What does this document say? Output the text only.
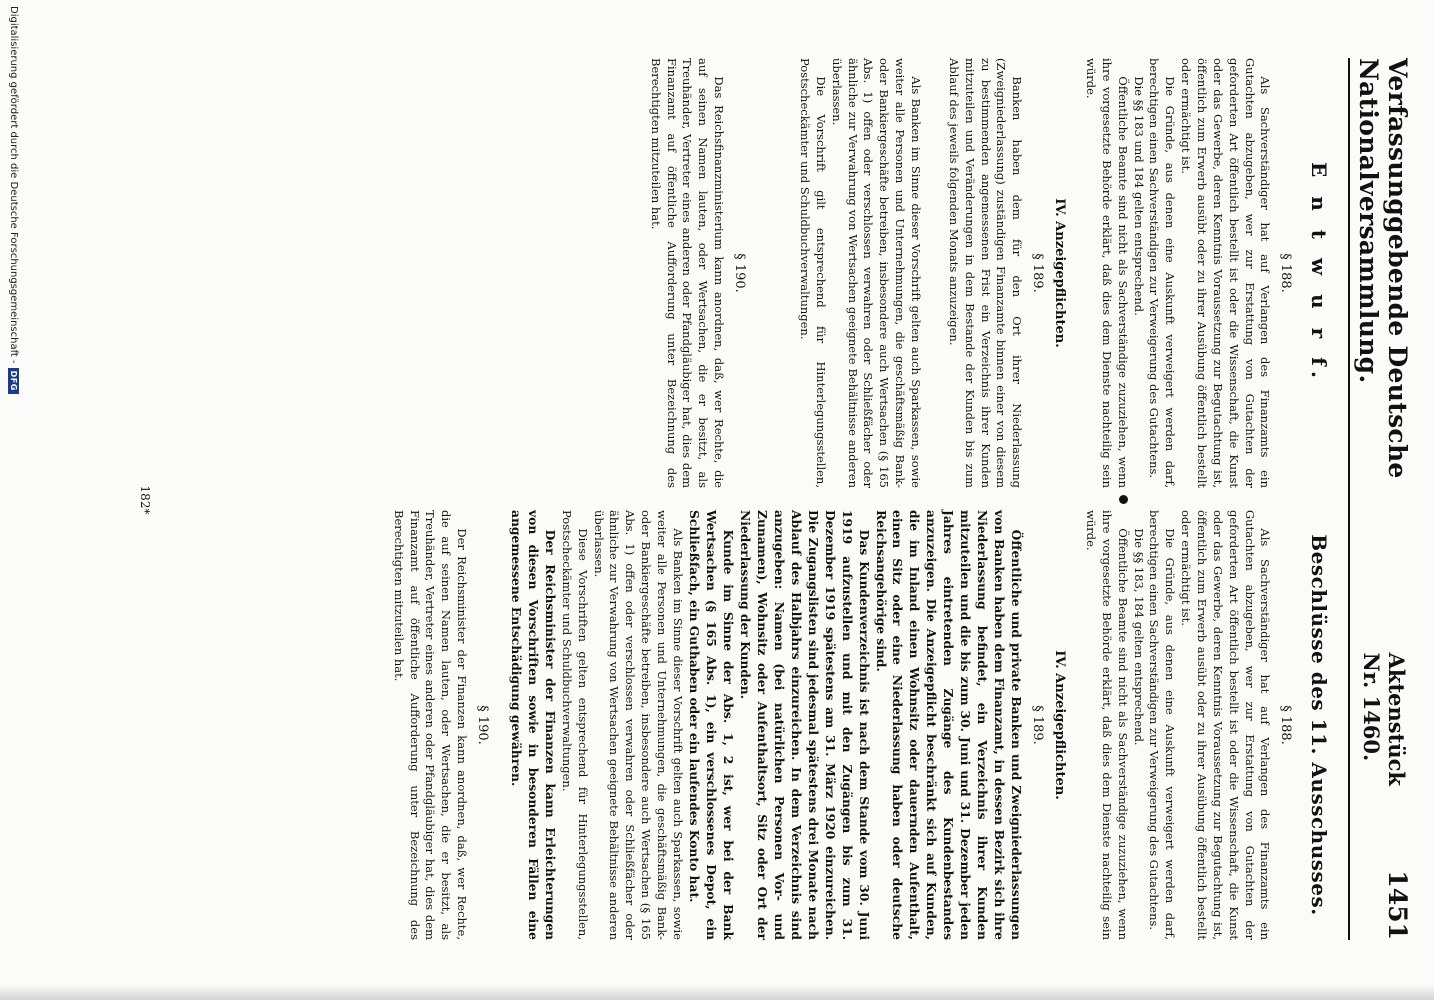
Verfassunggebende Deutsche Nationalversammlung.
Aktenstück Nr. 1460.
1451
E n t w u r f.
§ 188.

Als Sachverständiger hat auf Verlangen des Finanzamts ein Gutachten abzugeben, wer zur Erstattung von Gutachten der geforderten Art öffentlich bestellt ist oder die Wissenschaft, die Kunst oder das Gewerbe, deren Kenntnis Voraussetzung zur Begutachtung ist, öffentlich zum Erwerb ausübt oder zu ihrer Ausübung öffentlich bestellt oder ermächtigt ist.

Die Gründe, aus denen eine Auskunft verweigert werden darf, berechtigen einen Sachverständigen zur Verweigerung des Gutachtens.

Die §§ 183 und 184 gelten entsprechend.

Öffentliche Beamte sind nicht als Sachverständige zuzuziehen, wenn ihre vorgesetzte Behörde erklärt, daß dies dem Dienste nachteilig sein würde.

IV. Anzeigepflichten.
§ 189.

Banken haben dem für den Ort ihrer Niederlassung (Zweigniederlassung) zuständigen Finanzamte binnen einer von diesem zu bestimmenden angemessenen Frist ein Verzeichnis ihrer Kunden mitzuteilen und Veränderungen in dem Bestande der Kunden bis zum Ablauf des jeweils folgenden Monats anzuzeigen.

Als Banken im Sinne dieser Vorschrift gelten auch Sparkassen, sowie weiter alle Personen und Unternehmungen, die geschäftsmäßig Bank- oder Bankiergeschäfte betreiben, insbesondere auch Wertsachen (§ 165 Abs. 1) offen oder verschlossen verwahren oder Schließfächer oder ähnliche zur Verwahrung von Wertsachen geeignete Behältnisse anderen überlassen.

Die Vorschrift gilt entsprechend für Hinterlegungsstellen, Postscheckämter und Schuldbuchverwaltungen.

§ 190.

Das Reichsfinanzministerium kann anordnen, daß, wer Rechte, die auf seinen Namen lauten, oder Wertsachen, die er besitzt, als Treuhänder, Vertreter eines anderen oder Pfandgläubiger hat, dies dem Finanzamt auf öffentliche Aufforderung unter Bezeichnung des Berechtigten mitzuteilen hat.

Beschlüsse des 11. Ausschusses.
§ 188.

Als Sachverständiger hat auf Verlangen des Finanzamts ein Gutachten abzugeben, wer zur Erstattung von Gutachten der geforderten Art öffentlich bestellt ist oder die Wissenschaft, die Kunst oder das Gewerbe, deren Kenntnis Voraussetzung zur Begutachtung ist, öffentlich zum Erwerb ausübt oder zu ihrer Ausübung öffentlich bestellt oder ermächtigt ist.

Die Gründe, aus denen eine Auskunft verweigert werden darf, berechtigen einen Sachverständigen zur Verweigerung des Gutachtens.

Die §§ 183, 184 gelten entsprechend.

Öffentliche Beamte sind nicht als Sachverständige zuzuziehen, wenn ihre vorgesetzte Behörde erklärt, daß dies dem Dienste nachteilig sein würde.

IV. Anzeigepflichten.
§ 189.

Öffentliche und private Banken und Zweigniederlassungen von Banken haben dem Finanzamt, in dessen Bezirk sich ihre Niederlassung befindet, ein Verzeichnis ihrer Kunden mitzuteilen und die bis zum 30. Juni und 31. Dezember jeden Jahres eintretenden Zugänge des Kundenbestandes anzuzeigen. Die Anzeigepflicht beschränkt sich auf Kunden, die im Inland einen Wohnsitz oder dauernden Aufenthalt, einen Sitz oder eine Niederlassung haben oder deutsche Reichsangehörige sind.

Das Kundenverzeichnis ist nach dem Stande vom 30. Juni 1919 aufzustellen und mit den Zugängen bis zum 31. Dezember 1919 spätestens am 31. März 1920 einzureichen. Die Zugangslisten sind jedesmal spätestens drei Monate nach Ablauf des Halbjahrs einzureichen. In dem Verzeichnis sind anzugeben: Namen (bei natürlichen Personen Vor- und Zunamen), Wohnsitz oder Aufenthaltsort, Sitz oder Ort der Niederlassung der Kunden.

Kunde im Sinne der Abs. 1, 2 ist, wer bei der Bank Wertsachen (§ 165 Abs. 1), ein verschlossenes Depot, ein Schließfach, ein Guthaben oder ein laufendes Konto hat.

Als Banken im Sinne dieser Vorschrift gelten auch Sparkassen, sowie weiter alle Personen und Unternehmungen, die geschäftsmäßig Bank- oder Bankiergeschäfte betreiben, insbesondere auch Wertsachen (§ 165 Abs. 1) offen oder verschlossen verwahren oder Schließfächer oder ähnliche zur Verwahrung von Wertsachen geeignete Behältnisse anderen überlassen.

Diese Vorschriften gelten entsprechend für Hinterlegungsstellen, Postscheckämter und Schuldbuchverwaltungen.

Der Reichsminister der Finanzen kann Erleichterungen von diesen Vorschriften sowie in besonderen Fällen eine angemessene Entschädigung gewähren.

§ 190.

Der Reichsminister der Finanzen kann anordnen, daß, wer Rechte, die auf seinen Namen lauten, oder Wertsachen, die er besitzt, als Treuhänder, Vertreter eines anderen oder Pfandgläubiger hat, dies dem Finanzamt auf öffentliche Aufforderung unter Bezeichnung des Berechtigten mitzuteilen hat.

182*
Digitalisierung gefördert durch die Deutsche Forschungsgemeinschaft -
DFG
